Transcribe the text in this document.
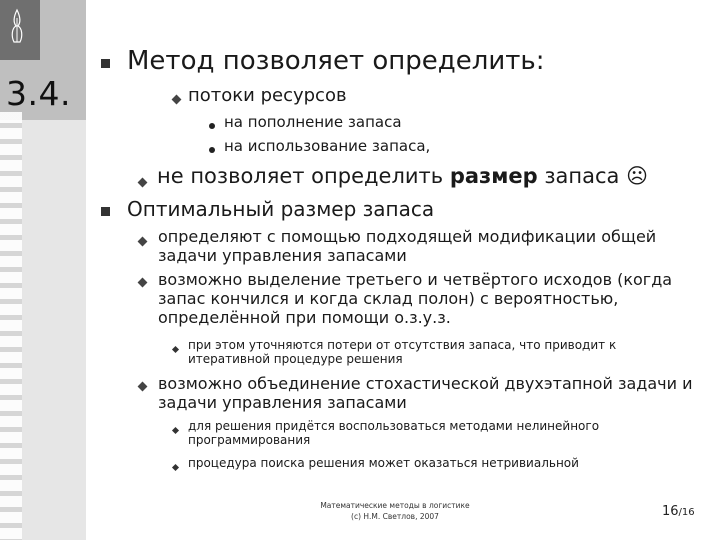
3.4.
Метод позволяет определить:
потоки ресурсов
на пополнение запаса
на использование запаса,
не позволяет определить размер запаса ☹
Оптимальный размер запаса
определяют с помощью подходящей модификации общей задачи управления запасами
возможно выделение третьего и четвёртого исходов (когда запас кончился и когда склад полон) с вероятностью, определённой при помощи о.з.у.з.
при этом уточняются потери от отсутствия запаса, что приводит к итеративной процедуре решения
возможно объединение стохастической двухэтапной задачи и задачи управления запасами
для решения придётся воспользоваться методами нелинейного программирования
процедура поиска решения может оказаться нетривиальной
Математические методы в логистике
(с) Н.М. Светлов, 2007	16/16
